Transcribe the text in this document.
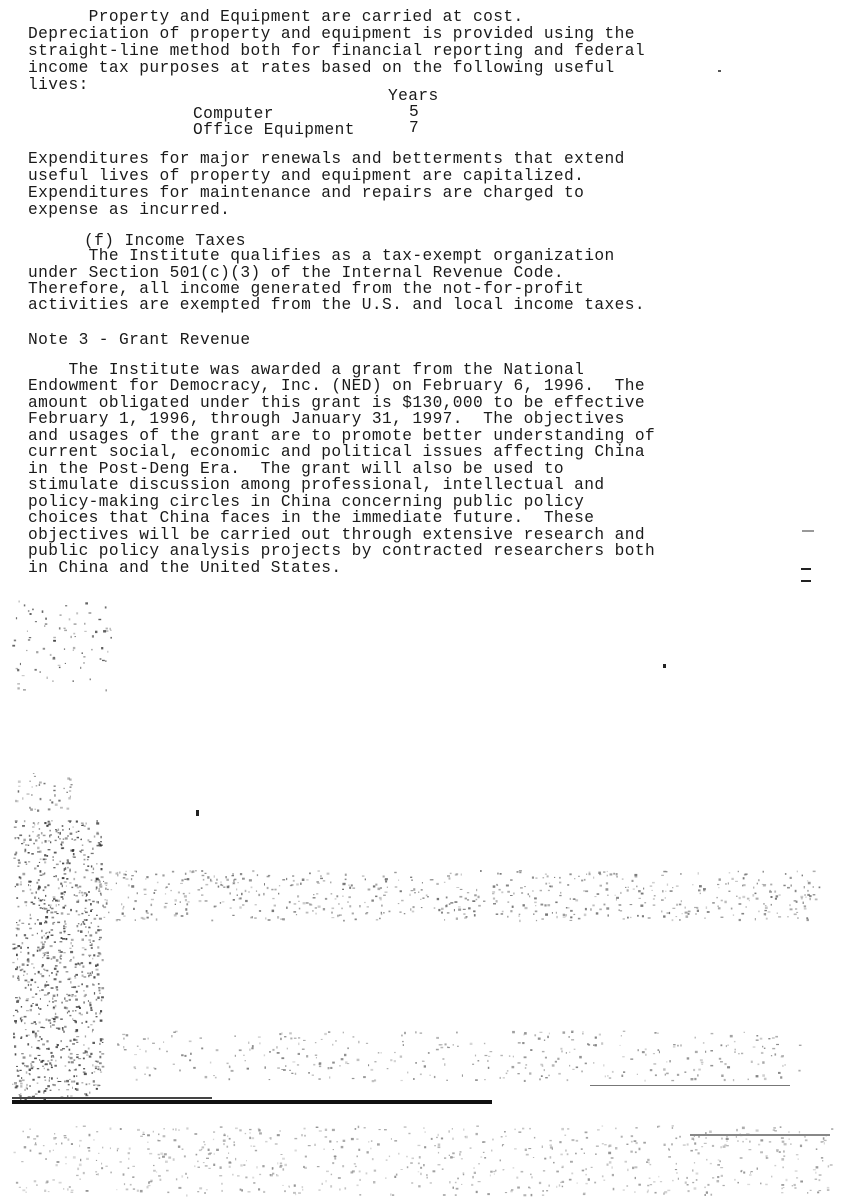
Property and Equipment are carried at cost.
Depreciation of property and equipment is provided using the
straight-line method both for financial reporting and federal
income tax purposes at rates based on the following useful
lives:
Years
Computer	5
Office Equipment	7
Expenditures for major renewals and betterments that extend
useful lives of property and equipment are capitalized.
Expenditures for maintenance and repairs are charged to
expense as incurred.
(f) Income Taxes
The Institute qualifies as a tax-exempt organization
under Section 501(c)(3) of the Internal Revenue Code.
Therefore, all income generated from the not-for-profit
activities are exempted from the U.S. and local income taxes.
Note 3 - Grant Revenue
The Institute was awarded a grant from the National
Endowment for Democracy, Inc. (NED) on February 6, 1996.  The
amount obligated under this grant is $130,000 to be effective
February 1, 1996, through January 31, 1997.  The objectives
and usages of the grant are to promote better understanding of
current social, economic and political issues affecting China
in the Post-Deng Era.  The grant will also be used to
stimulate discussion among professional, intellectual and
policy-making circles in China concerning public policy
choices that China faces in the immediate future.  These
objectives will be carried out through extensive research and
public policy analysis projects by contracted researchers both
in China and the United States.
